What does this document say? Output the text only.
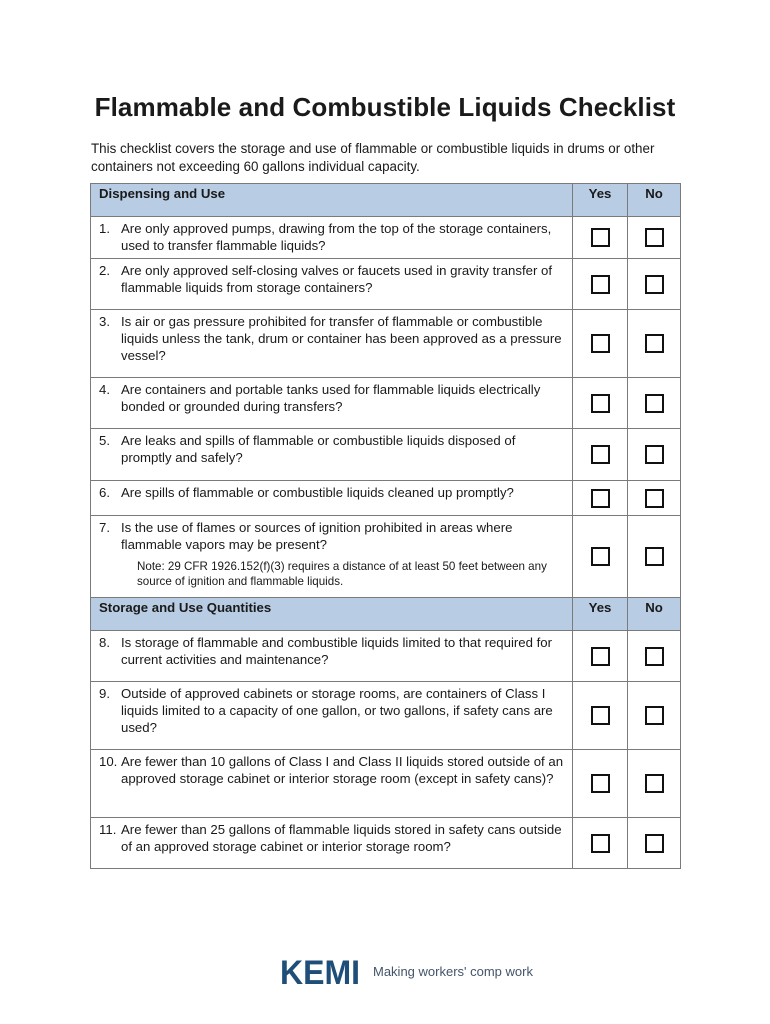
Flammable and Combustible Liquids Checklist
This checklist covers the storage and use of flammable or combustible liquids in drums or other containers not exceeding 60 gallons individual capacity.
Dispensing and Use	Yes	No

1. Are only approved pumps, drawing from the top of the storage containers, used to transfer flammable liquids?		

2. Are only approved self-closing valves or faucets used in gravity transfer of flammable liquids from storage containers?		

3. Is air or gas pressure prohibited for transfer of flammable or combustible liquids unless the tank, drum or container has been approved as a pressure vessel?		

4. Are containers and portable tanks used for flammable liquids electrically bonded or grounded during transfers?		

5. Are leaks and spills of flammable or combustible liquids disposed of promptly and safely?		

6. Are spills of flammable or combustible liquids cleaned up promptly?		

7. Is the use of flames or sources of ignition prohibited in areas where flammable vapors may be present?
Note: 29 CFR 1926.152(f)(3) requires a distance of at least 50 feet between any source of ignition and flammable liquids.		

Storage and Use Quantities	Yes	No

8. Is storage of flammable and combustible liquids limited to that required for current activities and maintenance?		

9. Outside of approved cabinets or storage rooms, are containers of Class I liquids limited to a capacity of one gallon, or two gallons, if safety cans are used?		

10. Are fewer than 10 gallons of Class I and Class II liquids stored outside of an approved storage cabinet or interior storage room (except in safety cans)?		

11. Are fewer than 25 gallons of flammable liquids stored in safety cans outside of an approved storage cabinet or interior storage room?		

KEMI Making workers' comp work
